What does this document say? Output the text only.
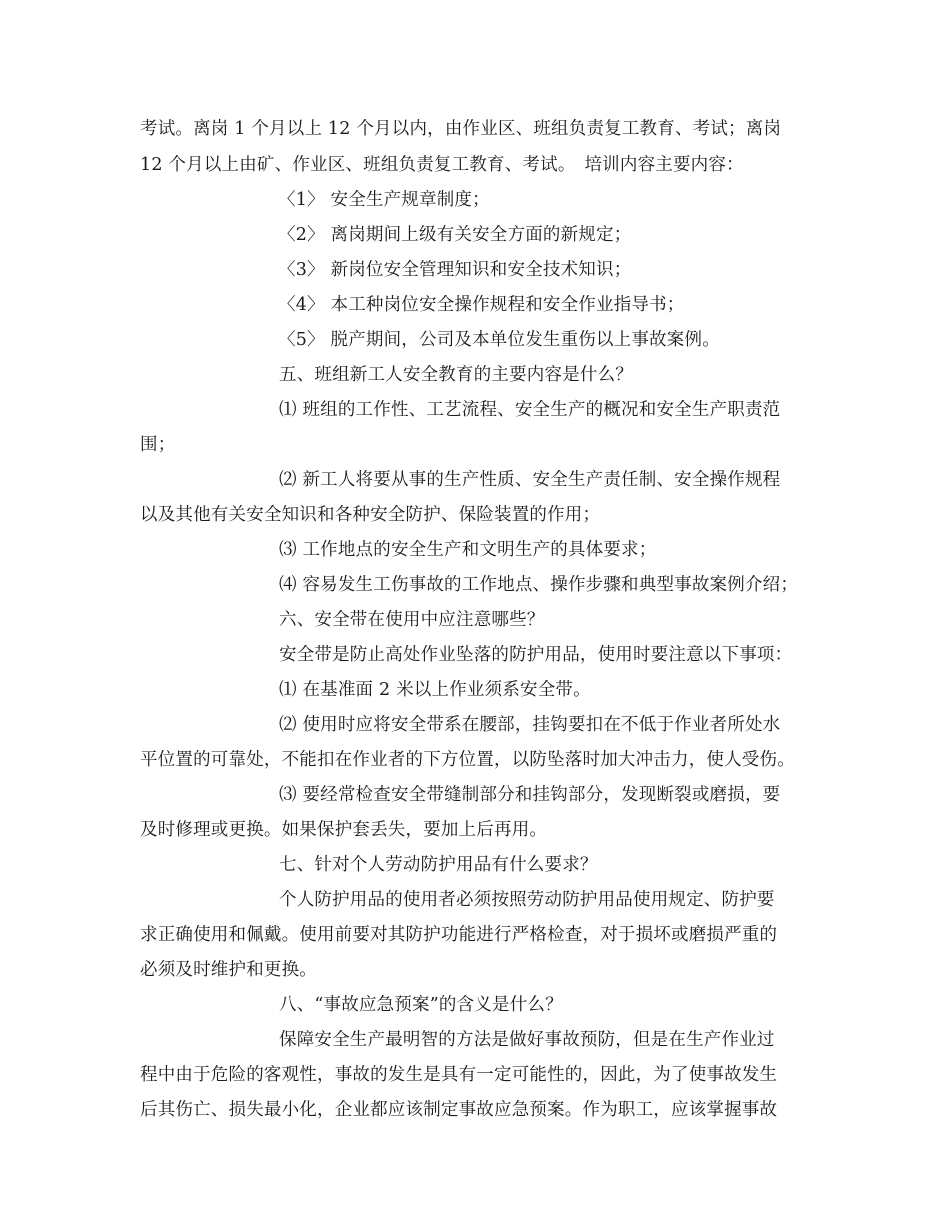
考试。离岗 1 个月以上 12 个月以内，由作业区、班组负责复工教育、考试；离岗
12 个月以上由矿、作业区、班组负责复工教育、考试。　培训内容主要内容：
〈1〉 安全生产规章制度；
〈2〉 离岗期间上级有关安全方面的新规定；
〈3〉 新岗位安全管理知识和安全技术知识；
〈4〉 本工种岗位安全操作规程和安全作业指导书；
〈5〉 脱产期间，公司及本单位发生重伤以上事故案例。
五、班组新工人安全教育的主要内容是什么？
⑴ 班组的工作性、工艺流程、安全生产的概况和安全生产职责范
围；
⑵ 新工人将要从事的生产性质、安全生产责任制、安全操作规程
以及其他有关安全知识和各种安全防护、保险装置的作用；
⑶ 工作地点的安全生产和文明生产的具体要求；
⑷ 容易发生工伤事故的工作地点、操作步骤和典型事故案例介绍；
六、安全带在使用中应注意哪些？
安全带是防止高处作业坠落的防护用品，使用时要注意以下事项：
⑴ 在基准面 2 米以上作业须系安全带。
⑵ 使用时应将安全带系在腰部，挂钩要扣在不低于作业者所处水
平位置的可靠处，不能扣在作业者的下方位置，以防坠落时加大冲击力，使人受伤。
⑶ 要经常检查安全带缝制部分和挂钩部分，发现断裂或磨损，要
及时修理或更换。如果保护套丢失，要加上后再用。
七、针对个人劳动防护用品有什么要求？
个人防护用品的使用者必须按照劳动防护用品使用规定、防护要
求正确使用和佩戴。使用前要对其防护功能进行严格检查，对于损坏或磨损严重的
必须及时维护和更换。
八、“事故应急预案”的含义是什么？
保障安全生产最明智的方法是做好事故预防，但是在生产作业过
程中由于危险的客观性，事故的发生是具有一定可能性的，因此，为了使事故发生
后其伤亡、损失最小化，企业都应该制定事故应急预案。作为职工，应该掌握事故
